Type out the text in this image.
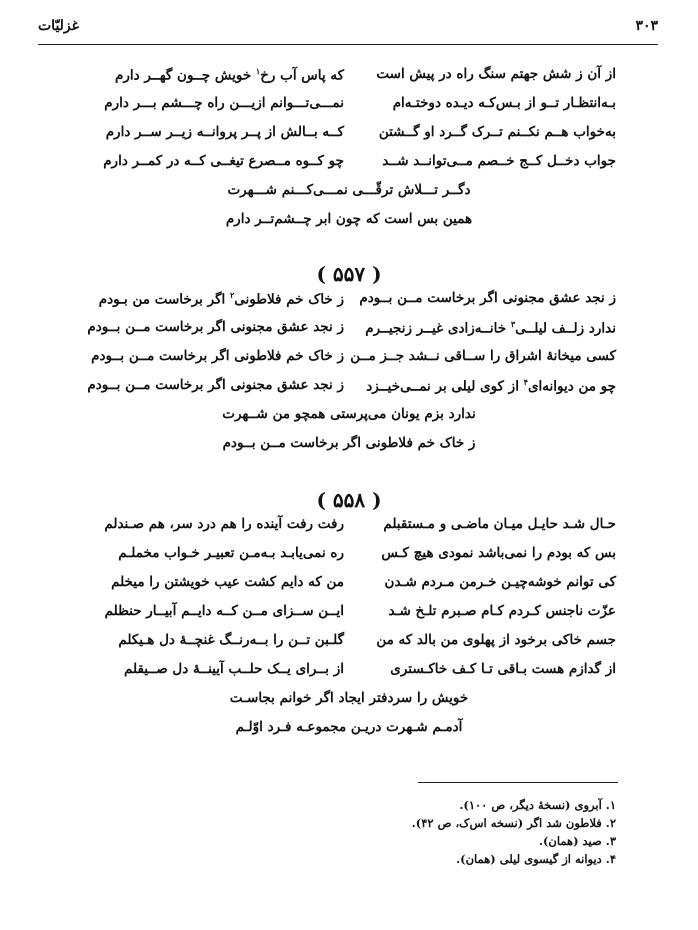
۳۰۳
غزلیّات
از آن ز شش جهتم سنگ راه در پیش است
که پاس آب رخ$^۱$ خویش چــون گهــر دارم
بـه‌انتظـار تــو از بـس‌کـه دیـده دوختـه‌ام
نمـــی‌تـــوانم ازیـــن راه چـــشم بـــر دارم
به‌خواب هــم نکــنم تــرک گــرد او گــشتن
کــه بــالش از پــر پروانــه زیــر ســر دارم
جواب دخــل کــج خــصم مــی‌توانــد شــد
چو کــوه مــصرع تیغــی کــه در کمــر دارم
دگــر تـــلاش ترقّـــی نمـــی‌کـــنم شـــهرت
همین بس است که چون ابر چــشم‌تــر دارم
( ۵۵۷ )
ز نجد عشق مجنونی اگر برخاست مــن بــودم
ز خاک خم فلاطونی$^۲$ اگر برخاست من بـودم
ندارد زلــف لیلــی$^۳$ خانــه‌زادی غیــر زنجیــرم
ز نجد عشق مجنونی اگر برخاست مــن بــودم
کسی میخانۀ اشراق را ســاقی نــشد جــز مــن
ز خاک خم فلاطونی اگر برخاست مــن بــودم
چو من دیوانه‌ای$^۴$ از کوی لیلی بر نمــی‌خیــزد
ز نجد عشق مجنونی اگر برخاست مــن بــودم
ندارد بزم یونان می‌پرستی همچو من شــهرت
ز خاک خم فلاطونی اگر برخاست مــن بــودم
( ۵۵۸ )
حـال شـد حایـل میـان ماضـی و مـستقبلم
رفت رفت آینده را هم درد سر، هم صـندلم
بس که بودم را نمی‌باشد نمودی هیچ کـس
ره نمی‌یابـد بـه‌مـن تعبیـر خـواب مخملـم
کی توانم خوشه‌چیـن خـرمن مـردم شـدن
من که دایم کشت عیب خویشتن را میخلم
عزّت ناجنس کـردم کـام صـبرم تلـخ شـد
ایــن ســزای مــن کــه دایــم آبیــار حنظلم
جسم خاکی برخود از پهلوی من بالد که من
گلـبن تــن را بــه‌رنــگ غنچــۀ دل هـیکلم
از گدازم هست بـاقی تـا کـف خاکـستری
از بــرای یــک حلــب آیینــۀ دل صــیقلم
خویش را سردفتر ایجاد اگر خوانم بجاسـت
آدمـم شـهرت دریـن مجموعـه فـرد اوّلـم
۱. آبروی (نسخۀ دیگر، ص ۱۰۰).
۲. فلاطون شد اگر (نسخه اس‌ک، ص ۴۲).
۳. صید (همان).
۴. دیوانه از گیسوی لیلی (همان).
